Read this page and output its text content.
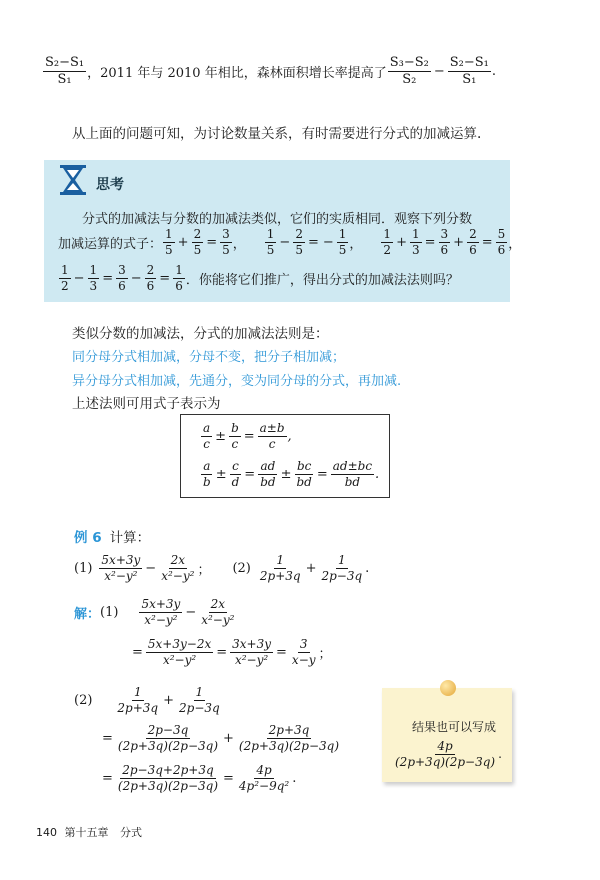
$\frac{\text{S₂−S₁}}{\text{S₁}}$ ，2011 年与 2010 年相比，森林面积增长率提高了 $\frac{\text{S₃−S₂}}{\text{S₂}} - \frac{\text{S₂−S₁}}{\text{S₁}}$ .
从上面的问题可知，为讨论数量关系，有时需要进行分式的加减运算.
思考
分式的加减法与分数的加减法类似，它们的实质相同．观察下列分数
加减运算的式子： $\frac{1}{5} + \frac{2}{5} = \frac{3}{5}$ ， $\frac{1}{5} - \frac{2}{5}$ = − $\frac{1}{5}$ ， $\frac{1}{2} + \frac{1}{3} = \frac{3}{6} + \frac{2}{6} = \frac{5}{6}$ ，
$\frac{1}{2} - \frac{1}{3} = \frac{3}{6} - \frac{2}{6} = \frac{1}{6}$ ．你能将它们推广，得出分式的加减法法则吗？
类似分数的加减法，分式的加减法法则是：
同分母分式相加减，分母不变，把分子相加减；
异分母分式相加减，先通分，变为同分母的分式，再加减.
上述法则可用式子表示为
$\frac{a}{c} \pm \frac{b}{c} = \frac{a\pm b}{c}$ ,
$\frac{a}{b} \pm \frac{c}{d} = \frac{ad}{bd} \pm \frac{bc}{bd} = \frac{ad\pm bc}{bd}$ .
例 6 计算：
$(1) \frac{5x+3y}{\text{x²−y²}} - \frac{2x}{\text{x²−y²}}$ ； $(2) \frac{1}{2p+3q} + \frac{1}{2p-3q}$ .
解： $(1) \frac{5x+3y}{\text{x²−y²}} - \frac{2x}{\text{x²−y²}}$
= $\frac{5x+3y-2x}{\text{x²−y²}} = \frac{3x+3y}{\text{x²−y²}} = \frac{3}{x-y}$ ；
$(2) \frac{1}{2p+3q} + \frac{1}{2p-3q}$
= $\frac{2p-3q}{(2p+3q)(2p-3q)} + \frac{2p+3q}{(2p+3q)(2p-3q)}$
= $\frac{2p-3q+2p+3q}{(2p+3q)(2p-3q)} = \frac{4p}{\text{4p²−9q²}}$ .
结果也可以写成
$\frac{4p}{(2p+3q)(2p-3q)}$ .
140 第十五章 分式
